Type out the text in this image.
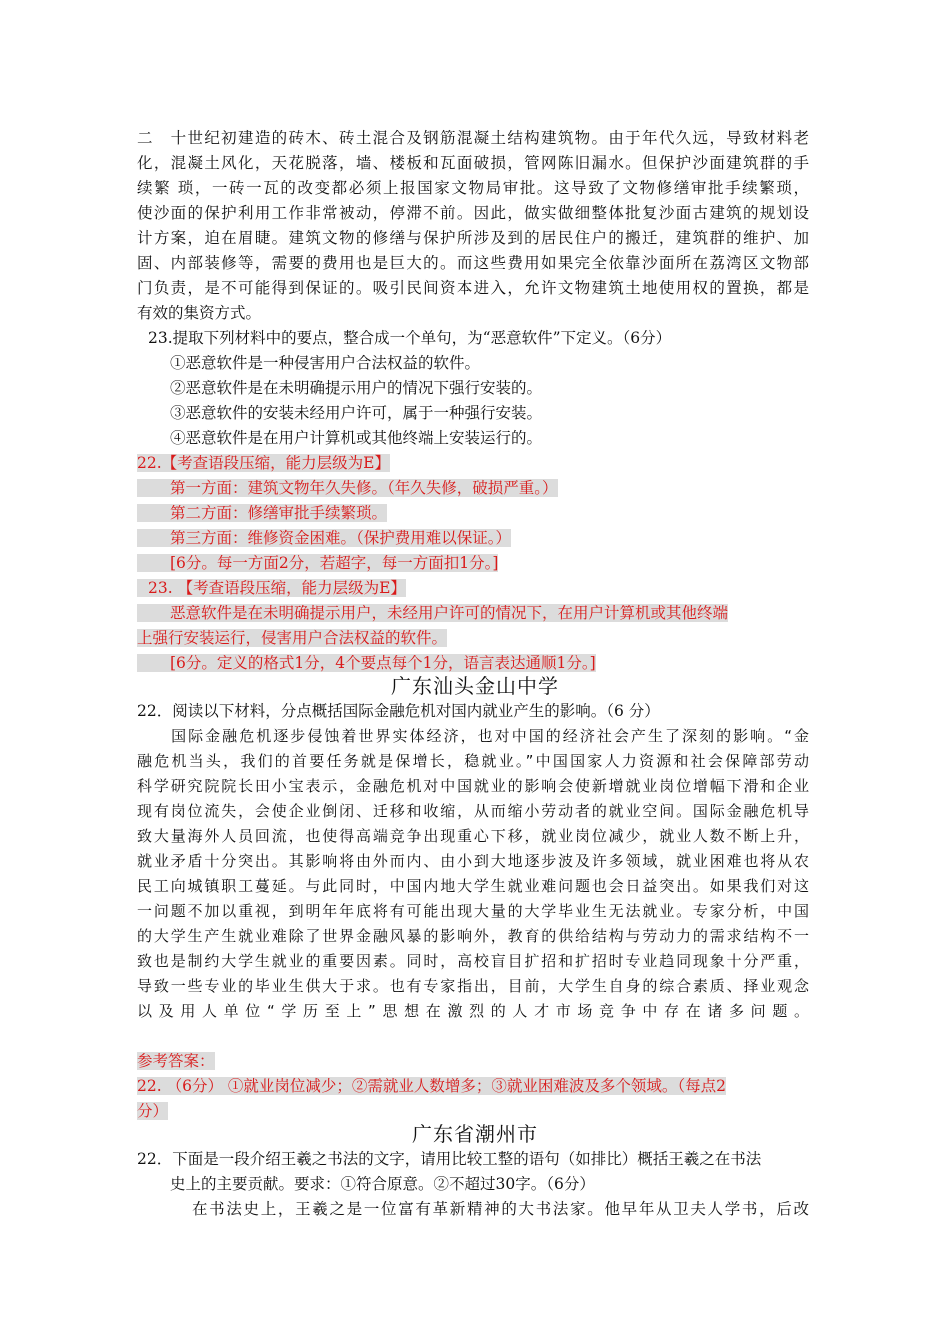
二　十世纪初建造的砖木、砖土混合及钢筋混凝土结构建筑物。由于年代久远，导致材料老
化，混凝土风化，天花脱落，墙、楼板和瓦面破损，管网陈旧漏水。但保护沙面建筑群的手
续繁 琐，一砖一瓦的改变都必须上报国家文物局审批。这导致了文物修缮审批手续繁琐，
使沙面的保护利用工作非常被动，停滞不前。因此，做实做细整体批复沙面古建筑的规划设
计方案，迫在眉睫。建筑文物的修缮与保护所涉及到的居民住户的搬迁，建筑群的维护、加
固、内部装修等，需要的费用也是巨大的。而这些费用如果完全依靠沙面所在荔湾区文物部
门负责，是不可能得到保证的。吸引民间资本进入，允许文物建筑土地使用权的置换，都是
有效的集资方式。
23.提取下列材料中的要点，整合成一个单句，为“恶意软件”下定义。（6分）
①恶意软件是一种侵害用户合法权益的软件。
②恶意软件是在未明确提示用户的情况下强行安装的。
③恶意软件的安装未经用户许可，属于一种强行安装。
④恶意软件是在用户计算机或其他终端上安装运行的。
22.【考查语段压缩，能力层级为E】
第一方面：建筑文物年久失修。（年久失修，破损严重。）
第二方面：修缮审批手续繁琐。
第三方面：维修资金困难。（保护费用难以保证。）
[6分。每一方面2分，若超字，每一方面扣1分。]
23. 【考查语段压缩，能力层级为E】
恶意软件是在未明确提示用户，未经用户许可的情况下，在用户计算机或其他终端
上强行安装运行，侵害用户合法权益的软件。
[6分。定义的格式1分，4个要点每个1分，语言表达通顺1分。]
广东汕头金山中学
22．阅读以下材料，分点概括国际金融危机对国内就业产生的影响。（6 分）
　　国际金融危机逐步侵蚀着世界实体经济，也对中国的经济社会产生了深刻的影响。“金
融危机当头，我们的首要任务就是保增长，稳就业。”中国国家人力资源和社会保障部劳动
科学研究院院长田小宝表示，金融危机对中国就业的影响会使新增就业岗位增幅下滑和企业
现有岗位流失，会使企业倒闭、迁移和收缩，从而缩小劳动者的就业空间。国际金融危机导
致大量海外人员回流，也使得高端竞争出现重心下移，就业岗位减少，就业人数不断上升，
就业矛盾十分突出。其影响将由外而内、由小到大地逐步波及许多领域，就业困难也将从农
民工向城镇职工蔓延。与此同时，中国内地大学生就业难问题也会日益突出。如果我们对这
一问题不加以重视，到明年年底将有可能出现大量的大学毕业生无法就业。专家分析，中国
的大学生产生就业难除了世界金融风暴的影响外，教育的供给结构与劳动力的需求结构不一
致也是制约大学生就业的重要因素。同时，高校盲目扩招和扩招时专业趋同现象十分严重，
导致一些专业的毕业生供大于求。也有专家指出，目前，大学生自身的综合素质、择业观念
以及用人单位“学历至上”思想在激烈的人才市场竞争中存在诸多问题。
参考答案：
22. （6分） ①就业岗位减少；②需就业人数增多；③就业困难波及多个领域。（每点2
分）
广东省潮州市
22．下面是一段介绍王羲之书法的文字，请用比较工整的语句（如排比）概括王羲之在书法
史上的主要贡献。要求：①符合原意。②不超过30字。（6分）
在书法史上，王羲之是一位富有革新精神的大书法家。他早年从卫夫人学书，后改
